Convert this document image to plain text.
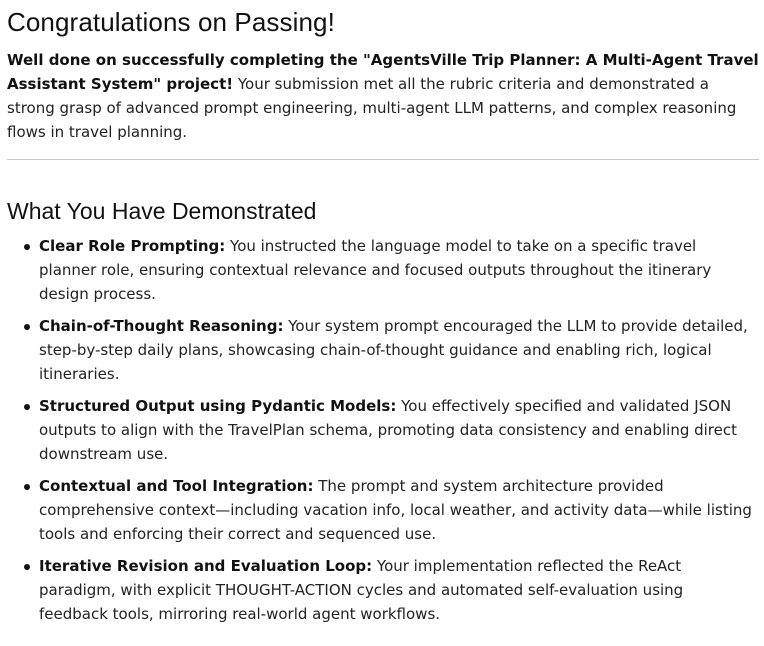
Congratulations on Passing!

Well done on successfully completing the "AgentsVille Trip Planner: A Multi-Agent Travel Assistant System" project! Your submission met all the rubric criteria and demonstrated a strong grasp of advanced prompt engineering, multi-agent LLM patterns, and complex reasoning flows in travel planning.

What You Have Demonstrated
Clear Role Prompting: You instructed the language model to take on a specific travel planner role, ensuring contextual relevance and focused outputs throughout the itinerary design process.
Chain-of-Thought Reasoning: Your system prompt encouraged the LLM to provide detailed, step-by-step daily plans, showcasing chain-of-thought guidance and enabling rich, logical itineraries.
Structured Output using Pydantic Models: You effectively specified and validated JSON outputs to align with the TravelPlan schema, promoting data consistency and enabling direct downstream use.
Contextual and Tool Integration: The prompt and system architecture provided comprehensive context—including vacation info, local weather, and activity data—while listing tools and enforcing their correct and sequenced use.
Iterative Revision and Evaluation Loop: Your implementation reflected the ReAct paradigm, with explicit THOUGHT-ACTION cycles and automated self-evaluation using feedback tools, mirroring real-world agent workflows.
